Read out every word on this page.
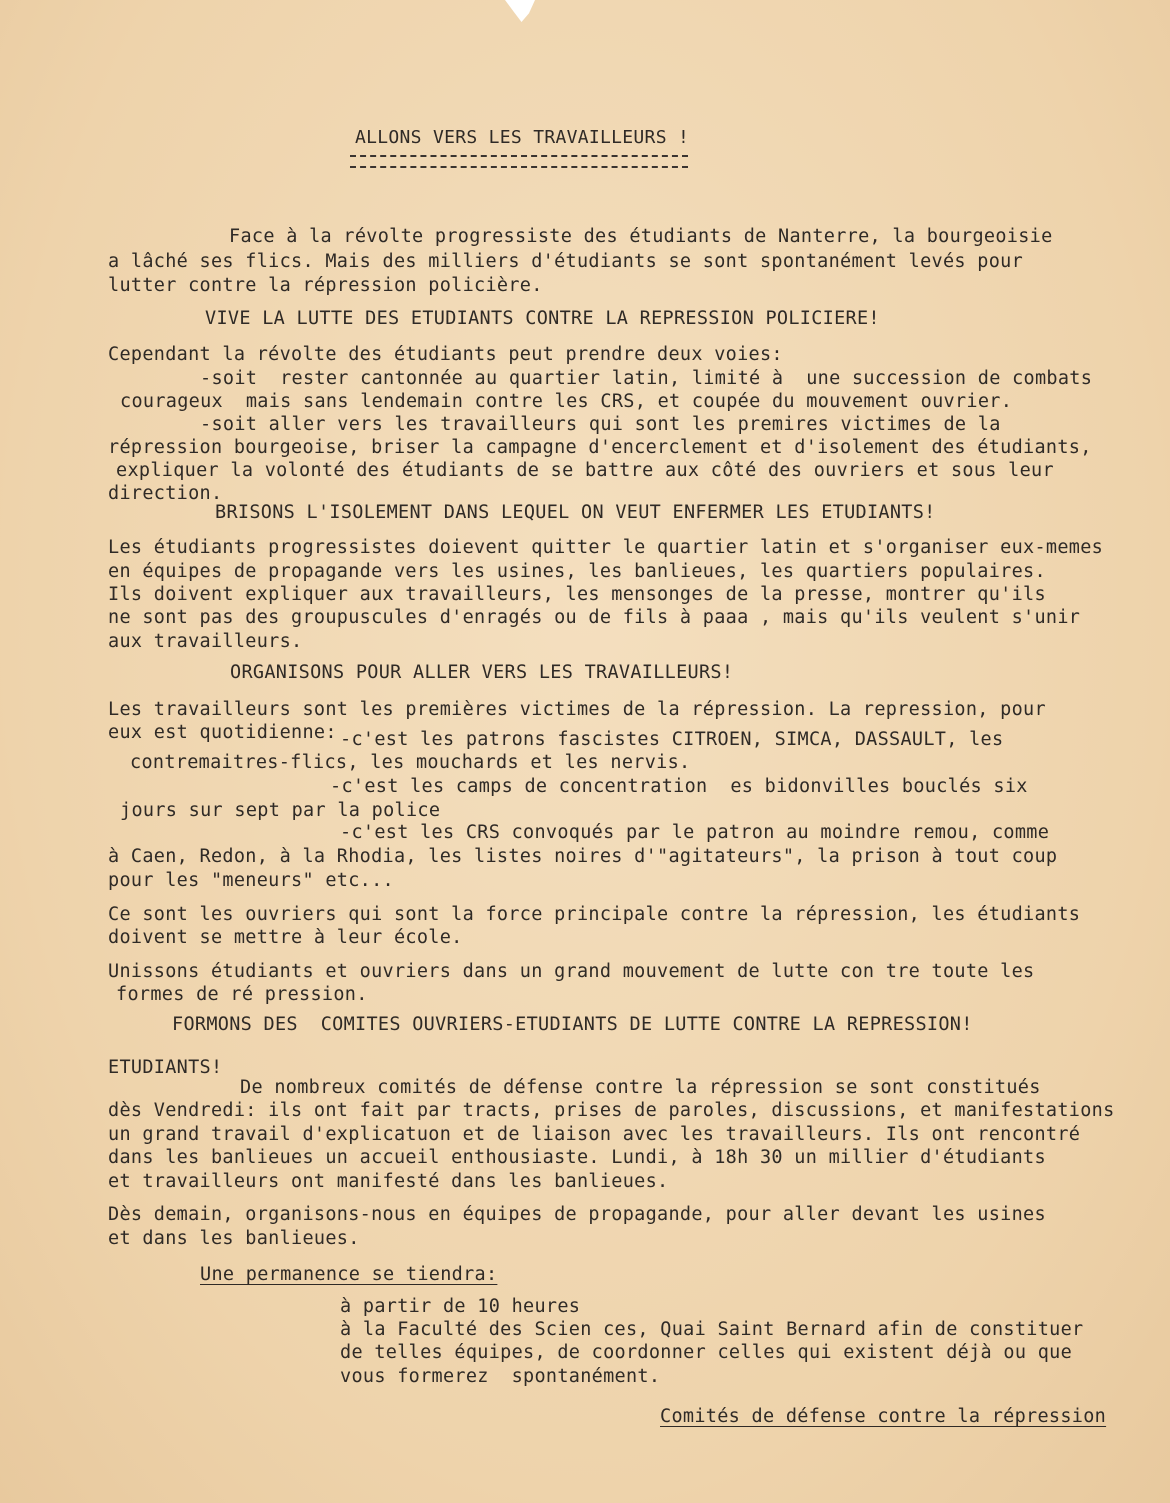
ALLONS VERS LES TRAVAILLEURS !
Face à la révolte progressiste des étudiants de Nanterre, la bourgeoisie
a lâché ses flics. Mais des milliers d'étudiants se sont spontanément levés pour
lutter contre la répression policière.
VIVE LA LUTTE DES ETUDIANTS CONTRE LA REPRESSION POLICIERE!
Cependant la révolte des étudiants peut prendre deux voies:
-soit  rester cantonnée au quartier latin, limité à  une succession de combats
courageux  mais sans lendemain contre les CRS, et coupée du mouvement ouvrier.
-soit aller vers les travailleurs qui sont les premires victimes de la
répression bourgeoise, briser la campagne d'encerclement et d'isolement des étudiants,
expliquer la volonté des étudiants de se battre aux côté des ouvriers et sous leur
direction.
BRISONS L'ISOLEMENT DANS LEQUEL ON VEUT ENFERMER LES ETUDIANTS!
Les étudiants progressistes doievent quitter le quartier latin et s'organiser eux-memes
en équipes de propagande vers les usines, les banlieues, les quartiers populaires.
Ils doivent expliquer aux travailleurs, les mensonges de la presse, montrer qu'ils
ne sont pas des groupuscules d'enragés ou de fils à paaa , mais qu'ils veulent s'unir
aux travailleurs.
ORGANISONS POUR ALLER VERS LES TRAVAILLEURS!
Les travailleurs sont les premières victimes de la répression. La repression, pour
eux est quotidienne: -c'est les patrons fascistes CITROEN, SIMCA, DASSAULT, les
contremaitres-flics, les mouchards et les nervis.
-c'est les camps de concentration  es bidonvilles bouclés six
jours sur sept par la police
-c'est les CRS convoqués par le patron au moindre remou, comme
à Caen, Redon, à la Rhodia, les listes noires d'"agitateurs", la prison à tout coup
pour les "meneurs" etc...
Ce sont les ouvriers qui sont la force principale contre la répression, les étudiants
doivent se mettre à leur école.
Unissons étudiants et ouvriers dans un grand mouvement de lutte con tre toute les
formes de ré pression.
FORMONS DES  COMITES OUVRIERS-ETUDIANTS DE LUTTE CONTRE LA REPRESSION!
ETUDIANTS!
De nombreux comités de défense contre la répression se sont constitués
dès Vendredi: ils ont fait par tracts, prises de paroles, discussions, et manifestations
un grand travail d'explicatuon et de liaison avec les travailleurs. Ils ont rencontré
dans les banlieues un accueil enthousiaste. Lundi, à 18h 30 un millier d'étudiants
et travailleurs ont manifesté dans les banlieues.
Dès demain, organisons-nous en équipes de propagande, pour aller devant les usines
et dans les banlieues.
Une permanence se tiendra:
à partir de 10 heures
à la Faculté des Scien ces, Quai Saint Bernard afin de constituer
de telles équipes, de coordonner celles qui existent déjà ou que
vous formerez  spontanément.
Comités de défense contre la répression
